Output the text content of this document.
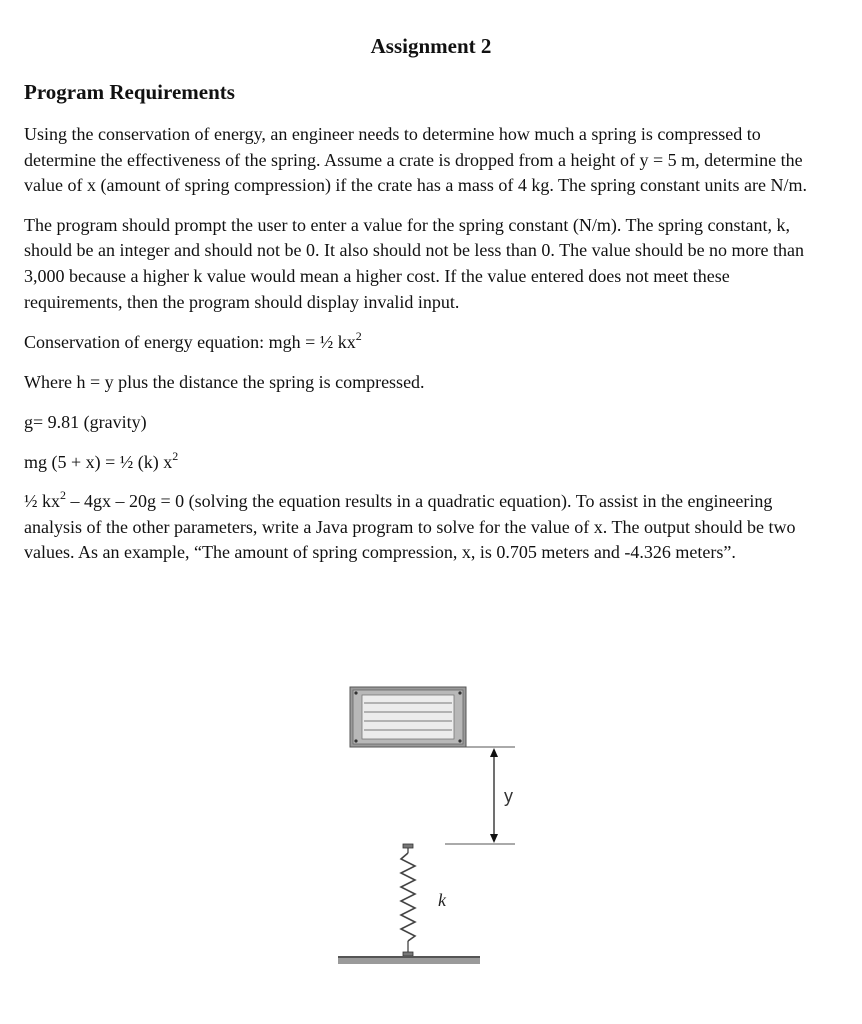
Assignment 2
Program Requirements

Using the conservation of energy, an engineer needs to determine how much a spring is compressed to determine the effectiveness of the spring. Assume a crate is dropped from a height of y = 5 m, determine the value of x (amount of spring compression) if the crate has a mass of 4 kg. The spring constant units are N/m.

The program should prompt the user to enter a value for the spring constant (N/m). The spring constant, k, should be an integer and should not be 0. It also should not be less than 0. The value should be no more than 3,000 because a higher k value would mean a higher cost. If the value entered does not meet these requirements, then the program should display invalid input.

Conservation of energy equation: mgh = ½ $kx^2$

Where h = y plus the distance the spring is compressed.

g= 9.81 (gravity)

mg (5 + x) = ½ (k) $x^2$

½ $kx^2 - 4gx - 20g = 0$ (solving the equation results in a quadratic equation). To assist in the engineering analysis of the other parameters, write a Java program to solve for the value of x. The output should be two values. As an example, “The amount of spring compression, x, is 0.705 meters and -4.326 meters”.

y
k
